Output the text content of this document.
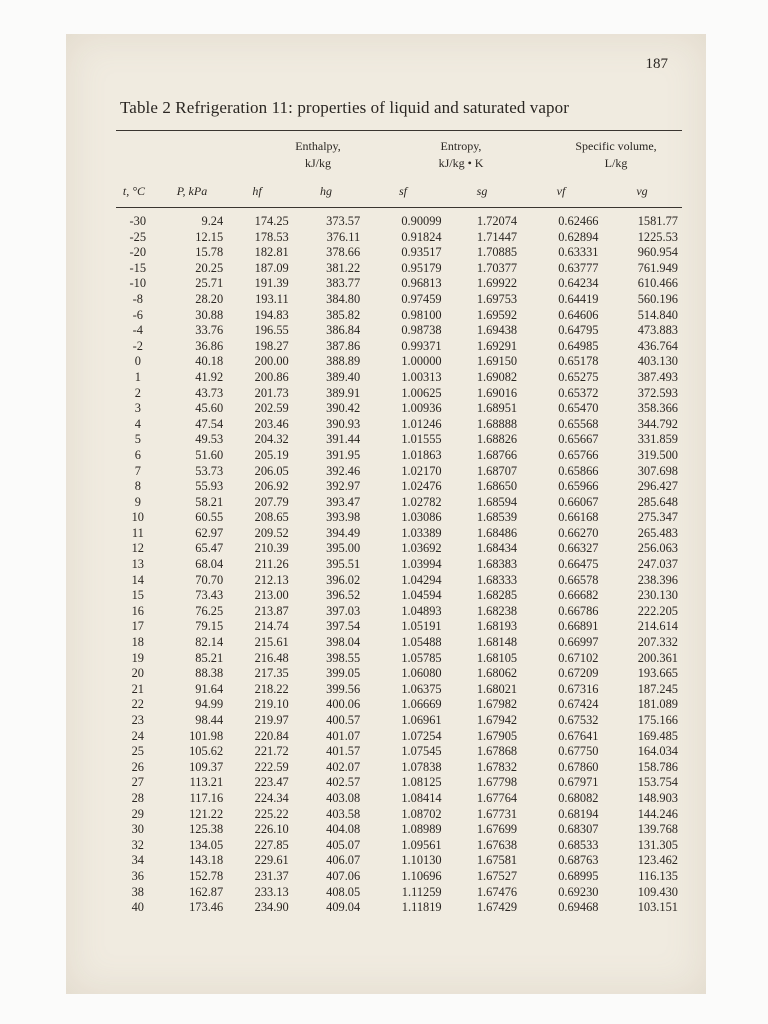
187
Table 2 Refrigeration 11: properties of liquid and saturated vapor
Enthalpy,
kJ/kg
Entropy,
kJ/kg • K
Specific volume,
L/kg
t, °C	P, kPa	hf	hg	sf	sg	vf	vg
-30	9.24	174.25	373.57	0.90099	1.72074	0.62466	1581.77
-25	12.15	178.53	376.11	0.91824	1.71447	0.62894	1225.53
-20	15.78	182.81	378.66	0.93517	1.70885	0.63331	960.954
-15	20.25	187.09	381.22	0.95179	1.70377	0.63777	761.949
-10	25.71	191.39	383.77	0.96813	1.69922	0.64234	610.466
-8	28.20	193.11	384.80	0.97459	1.69753	0.64419	560.196
-6	30.88	194.83	385.82	0.98100	1.69592	0.64606	514.840
-4	33.76	196.55	386.84	0.98738	1.69438	0.64795	473.883
-2	36.86	198.27	387.86	0.99371	1.69291	0.64985	436.764
0	40.18	200.00	388.89	1.00000	1.69150	0.65178	403.130
1	41.92	200.86	389.40	1.00313	1.69082	0.65275	387.493
2	43.73	201.73	389.91	1.00625	1.69016	0.65372	372.593
3	45.60	202.59	390.42	1.00936	1.68951	0.65470	358.366
4	47.54	203.46	390.93	1.01246	1.68888	0.65568	344.792
5	49.53	204.32	391.44	1.01555	1.68826	0.65667	331.859
6	51.60	205.19	391.95	1.01863	1.68766	0.65766	319.500
7	53.73	206.05	392.46	1.02170	1.68707	0.65866	307.698
8	55.93	206.92	392.97	1.02476	1.68650	0.65966	296.427
9	58.21	207.79	393.47	1.02782	1.68594	0.66067	285.648
10	60.55	208.65	393.98	1.03086	1.68539	0.66168	275.347
11	62.97	209.52	394.49	1.03389	1.68486	0.66270	265.483
12	65.47	210.39	395.00	1.03692	1.68434	0.66327	256.063
13	68.04	211.26	395.51	1.03994	1.68383	0.66475	247.037
14	70.70	212.13	396.02	1.04294	1.68333	0.66578	238.396
15	73.43	213.00	396.52	1.04594	1.68285	0.66682	230.130
16	76.25	213.87	397.03	1.04893	1.68238	0.66786	222.205
17	79.15	214.74	397.54	1.05191	1.68193	0.66891	214.614
18	82.14	215.61	398.04	1.05488	1.68148	0.66997	207.332
19	85.21	216.48	398.55	1.05785	1.68105	0.67102	200.361
20	88.38	217.35	399.05	1.06080	1.68062	0.67209	193.665
21	91.64	218.22	399.56	1.06375	1.68021	0.67316	187.245
22	94.99	219.10	400.06	1.06669	1.67982	0.67424	181.089
23	98.44	219.97	400.57	1.06961	1.67942	0.67532	175.166
24	101.98	220.84	401.07	1.07254	1.67905	0.67641	169.485
25	105.62	221.72	401.57	1.07545	1.67868	0.67750	164.034
26	109.37	222.59	402.07	1.07838	1.67832	0.67860	158.786
27	113.21	223.47	402.57	1.08125	1.67798	0.67971	153.754
28	117.16	224.34	403.08	1.08414	1.67764	0.68082	148.903
29	121.22	225.22	403.58	1.08702	1.67731	0.68194	144.246
30	125.38	226.10	404.08	1.08989	1.67699	0.68307	139.768
32	134.05	227.85	405.07	1.09561	1.67638	0.68533	131.305
34	143.18	229.61	406.07	1.10130	1.67581	0.68763	123.462
36	152.78	231.37	407.06	1.10696	1.67527	0.68995	116.135
38	162.87	233.13	408.05	1.11259	1.67476	0.69230	109.430
40	173.46	234.90	409.04	1.11819	1.67429	0.69468	103.151
